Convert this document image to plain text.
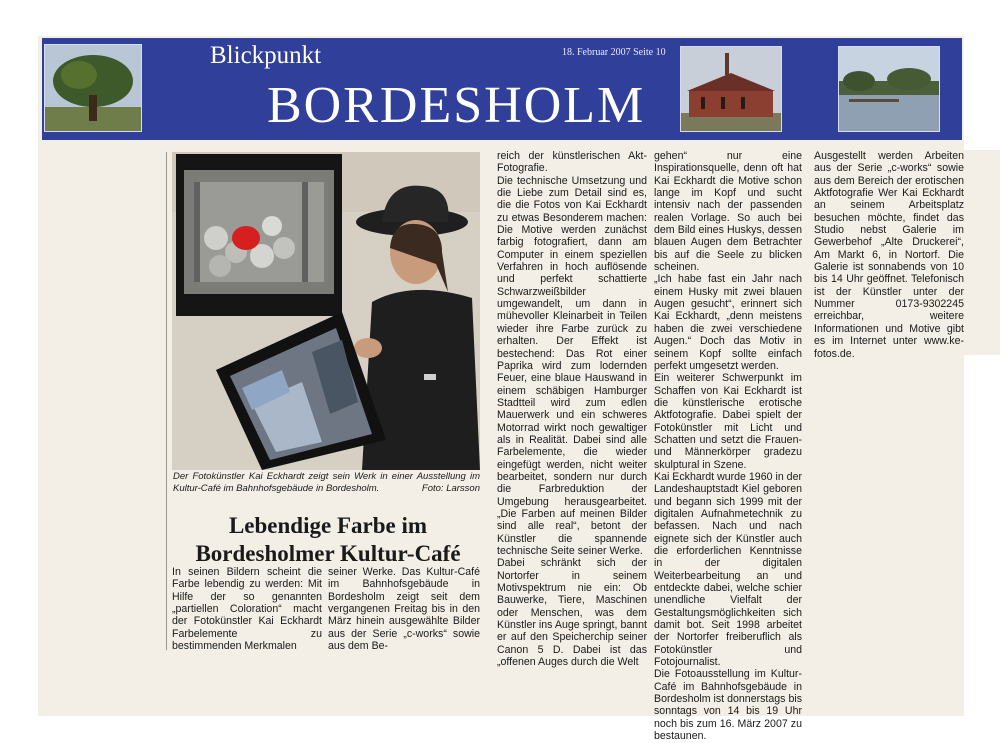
Blickpunkt	18. Februar 2007 Seite 10
BORDESHOLM
Der Fotokünstler Kai Eckhardt zeigt sein Werk in einer Ausstellung im Kultur-Café im Bahnhofsgebäude in Bordesholm.	Foto: Larsson
Lebendige Farbe im Bordesholmer Kultur-Café

In seinen Bildern scheint die Farbe lebendig zu werden: Mit Hilfe der so genannten „partiellen Coloration“ macht der Fotokünstler Kai Eckhardt Farbelemente zu bestimmenden Merkmalen

seiner Werke. Das Kultur-Café im Bahnhofsgebäude in Bordesholm zeigt seit dem vergangenen Freitag bis in den März hinein ausgewählte Bilder aus der Serie „c-works“ sowie aus dem Be-

reich der künstlerischen Akt-Fotografie.

Die technische Umsetzung und die Liebe zum Detail sind es, die die Fotos von Kai Eckhardt zu etwas Besonderem machen: Die Motive werden zunächst farbig fotografiert, dann am Computer in einem speziellen Verfahren in hoch auflösende und perfekt schattierte Schwarzweißbilder umgewandelt, um dann in mühevoller Kleinarbeit in Teilen wieder ihre Farbe zurück zu erhalten. Der Effekt ist bestechend: Das Rot einer Paprika wird zum lodernden Feuer, eine blaue Hauswand in einem schäbigen Hamburger Stadtteil wird zum edlen Mauerwerk und ein schweres Motorrad wirkt noch gewaltiger als in Realität. Dabei sind alle Farbelemente, die wieder eingefügt werden, nicht weiter bearbeitet, sondern nur durch die Farbreduktion der Umgebung herausgearbeitet. „Die Farben auf meinen Bilder sind alle real“, betont der Künstler die spannende technische Seite seiner Werke.

Dabei schränkt sich der Nortorfer in seinem Motivspektrum nie ein: Ob Bauwerke, Tiere, Maschinen oder Menschen, was dem Künstler ins Auge springt, bannt er auf den Speicherchip seiner Canon 5 D. Dabei ist das „offenen Auges durch die Welt

gehen“ nur eine Inspirationsquelle, denn oft hat Kai Eckhardt die Motive schon lange im Kopf und sucht intensiv nach der passenden realen Vorlage. So auch bei dem Bild eines Huskys, dessen blauen Augen dem Betrachter bis auf die Seele zu blicken scheinen.

„Ich habe fast ein Jahr nach einem Husky mit zwei blauen Augen gesucht“, erinnert sich Kai Eckhardt, „denn meistens haben die zwei verschiedene Augen.“ Doch das Motiv in seinem Kopf sollte einfach perfekt umgesetzt werden.

Ein weiterer Schwerpunkt im Schaffen von Kai Eckhardt ist die künstlerische erotische Aktfotografie. Dabei spielt der Fotokünstler mit Licht und Schatten und setzt die Frauen- und Männerkörper gradezu skulptural in Szene.

Kai Eckhardt wurde 1960 in der Landeshauptstadt Kiel geboren und begann sich 1999 mit der digitalen Aufnahmetechnik zu befassen. Nach und nach eignete sich der Künstler auch die erforderlichen Kenntnisse in der digitalen Weiterbearbeitung an und entdeckte dabei, welche schier unendliche Vielfalt der Gestaltungsmöglichkeiten sich damit bot. Seit 1998 arbeitet der Nortorfer freiberuflich als Fotokünstler und Fotojournalist.

Die Fotoausstellung im Kultur-Café im Bahnhofsgebäude in Bordesholm ist donnerstags bis sonntags von 14 bis 19 Uhr noch bis zum 16. März 2007 zu bestaunen.

Ausgestellt werden Arbeiten aus der Serie „c-works“ sowie aus dem Bereich der erotischen Aktfotografie Wer Kai Eckhardt an seinem Arbeitsplatz besuchen möchte, findet das Studio nebst Galerie im Gewerbehof „Alte Druckerei“, Am Markt 6, in Nortorf. Die Galerie ist sonnabends von 10 bis 14 Uhr geöffnet. Telefonisch ist der Künstler unter der Nummer 0173-9302245 erreichbar, weitere Informationen und Motive gibt es im Internet unter www.ke-fotos.de.
